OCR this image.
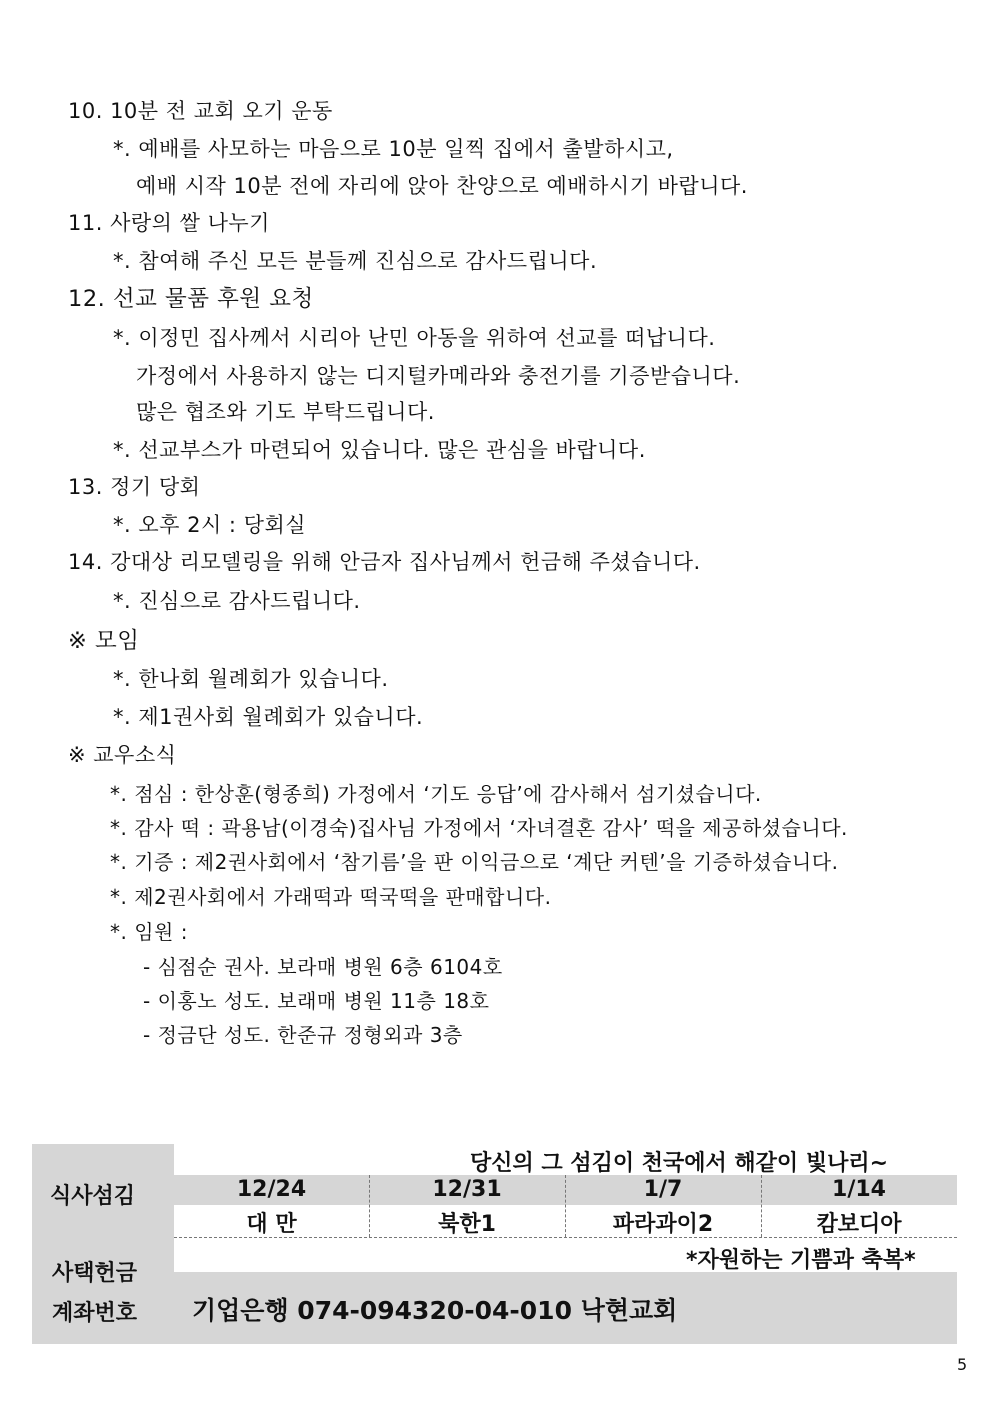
10. 10분 전 교회 오기 운동
*. 예배를 사모하는 마음으로 10분 일찍 집에서 출발하시고,
예배 시작 10분 전에 자리에 앉아 찬양으로 예배하시기 바랍니다.
11. 사랑의 쌀 나누기
*. 참여해 주신 모든 분들께 진심으로 감사드립니다.
12. 선교 물품 후원 요청
*. 이정민 집사께서 시리아 난민 아동을 위하여 선교를 떠납니다.
가정에서 사용하지 않는 디지털카메라와 충전기를 기증받습니다.
많은 협조와 기도 부탁드립니다.
*. 선교부스가 마련되어 있습니다. 많은 관심을 바랍니다.
13. 정기 당회
*. 오후 2시 : 당회실
14. 강대상 리모델링을 위해 안금자 집사님께서 헌금해 주셨습니다.
*. 진심으로 감사드립니다.
※ 모임
*. 한나회 월례회가 있습니다.
*. 제1권사회 월례회가 있습니다.
※ 교우소식
*. 점심 : 한상훈(형종희) 가정에서 ‘기도 응답’에 감사해서 섬기셨습니다.
*. 감사 떡 : 곽용남(이경숙)집사님 가정에서 ‘자녀결혼 감사’ 떡을 제공하셨습니다.
*. 기증 : 제2권사회에서 ‘참기름’을 판 이익금으로 ‘계단 커텐’을 기증하셨습니다.
*. 제2권사회에서 가래떡과 떡국떡을 판매합니다.
*. 임원 :
- 심점순 권사. 보라매 병원 6층 6104호
- 이홍노 성도. 보래매 병원 11층 18호
- 정금단 성도. 한준규 정형외과 3층
식사섬김
당신의 그 섬김이 천국에서 해같이 빛나리~
12/24	12/31	1/7	1/14
대 만	북한1	파라과이2	캄보디아
사택헌금
*자원하는 기쁨과 축복*
계좌번호 기업은행 074-094320-04-010 낙현교회
5
